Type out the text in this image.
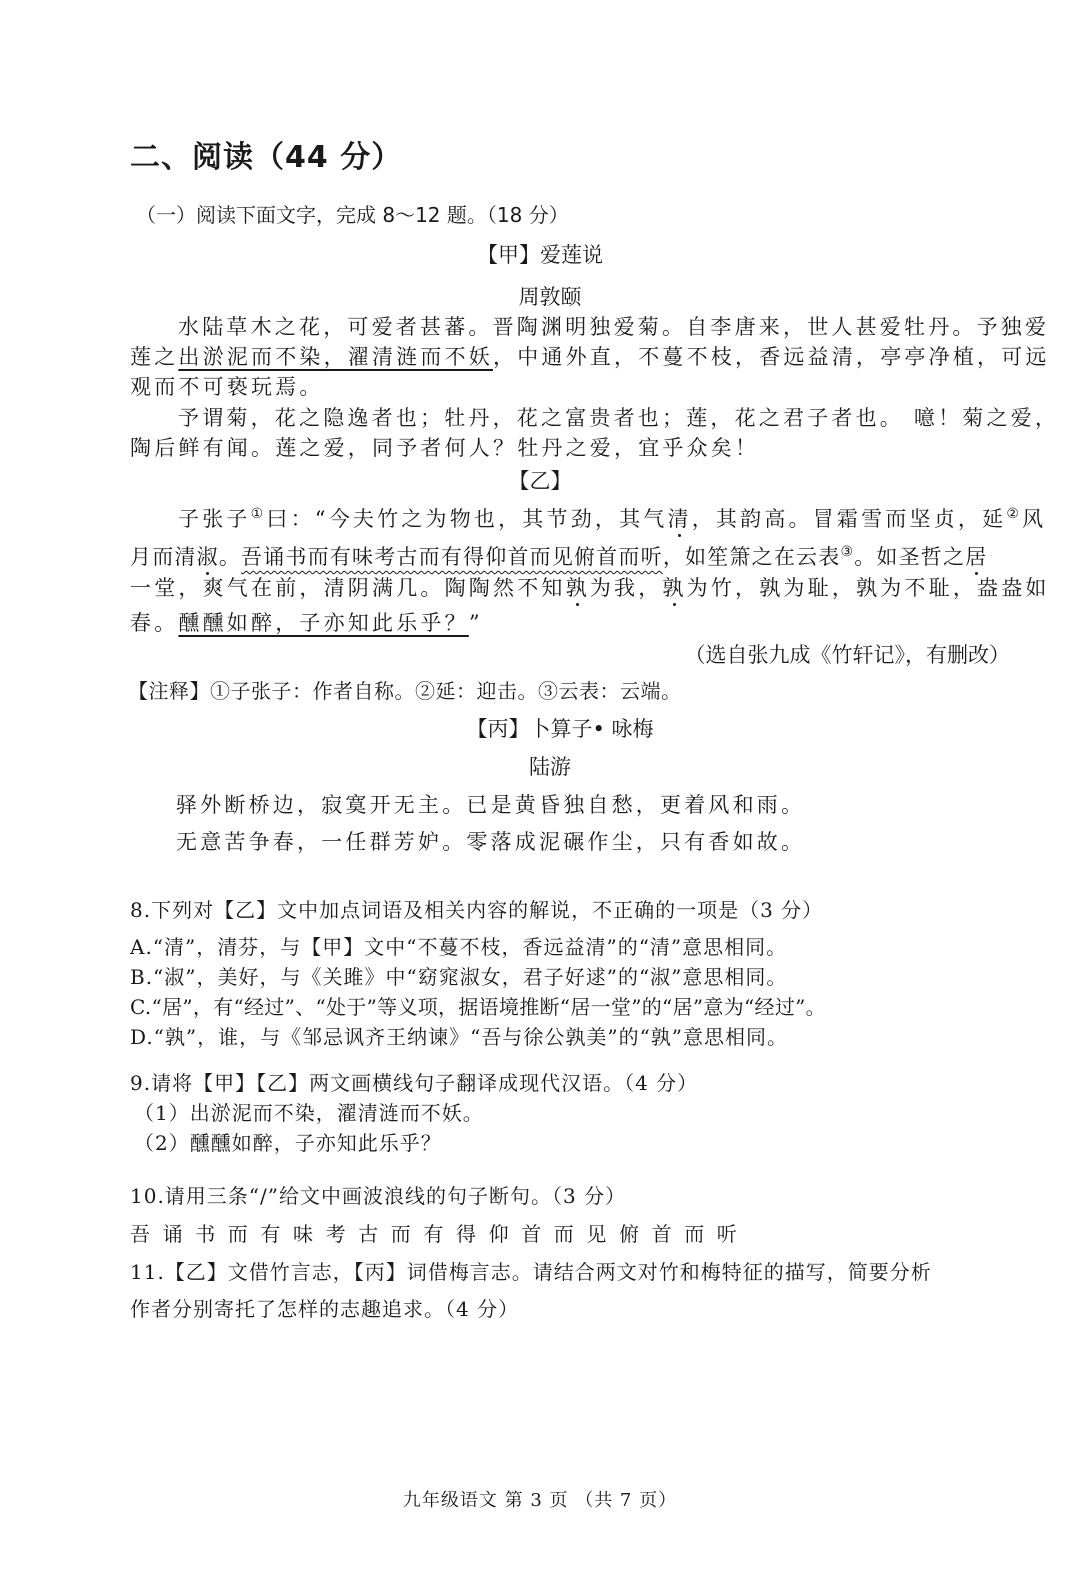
二、阅读（44 分）
（一）阅读下面文字，完成 8～12 题。（18 分）
【甲】爱莲说
周敦颐
水陆草木之花，可爱者甚蕃。晋陶渊明独爱菊。自李唐来，世人甚爱牡丹。予独爱
莲之出淤泥而不染，濯清涟而不妖，中通外直，不蔓不枝，香远益清，亭亭净植，可远
观而不可亵玩焉。
予谓菊，花之隐逸者也；牡丹，花之富贵者也；莲，花之君子者也。 噫！菊之爱，
陶后鲜有闻。莲之爱，同予者何人？牡丹之爱，宜乎众矣！
【乙】
子张子①曰：“今夫竹之为物也，其节劲，其气清，其韵高。冒霜雪而坚贞，延②风
月而清淑。吾诵书而有味考古而有得仰首而见俯首而听，如笙箫之在云表③。如圣哲之居
一堂，爽气在前，清阴满几。陶陶然不知孰为我，孰为竹，孰为耻，孰为不耻，盎盎如
春。醺醺如醉，子亦知此乐乎？”
（选自张九成《竹轩记》，有删改）
【注释】①子张子：作者自称。②延：迎击。③云表：云端。
【丙】卜算子• 咏梅
陆游
驿外断桥边，寂寞开无主。已是黄昏独自愁，更着风和雨。
无意苦争春，一任群芳妒。零落成泥碾作尘，只有香如故。
8.下列对【乙】文中加点词语及相关内容的解说，不正确的一项是（3 分）
A.“清”，清芬，与【甲】文中“不蔓不枝，香远益清”的“清”意思相同。
B.“淑”，美好，与《关雎》中“窈窕淑女，君子好逑”的“淑”意思相同。
C.“居”，有“经过”、“处于”等义项，据语境推断“居一堂”的“居”意为“经过”。
D.“孰”，谁，与《邹忌讽齐王纳谏》“吾与徐公孰美”的“孰”意思相同。
9.请将【甲】【乙】两文画横线句子翻译成现代汉语。（4 分）
（1）出淤泥而不染，濯清涟而不妖。
（2）醺醺如醉，子亦知此乐乎？
10.请用三条“/”给文中画波浪线的句子断句。（3 分）
吾诵书而有味考古而有得仰首而见俯首而听
11.【乙】文借竹言志，【丙】词借梅言志。请结合两文对竹和梅特征的描写，简要分析
作者分别寄托了怎样的志趣追求。（4 分）
九年级语文 第 3 页 （共 7 页）
